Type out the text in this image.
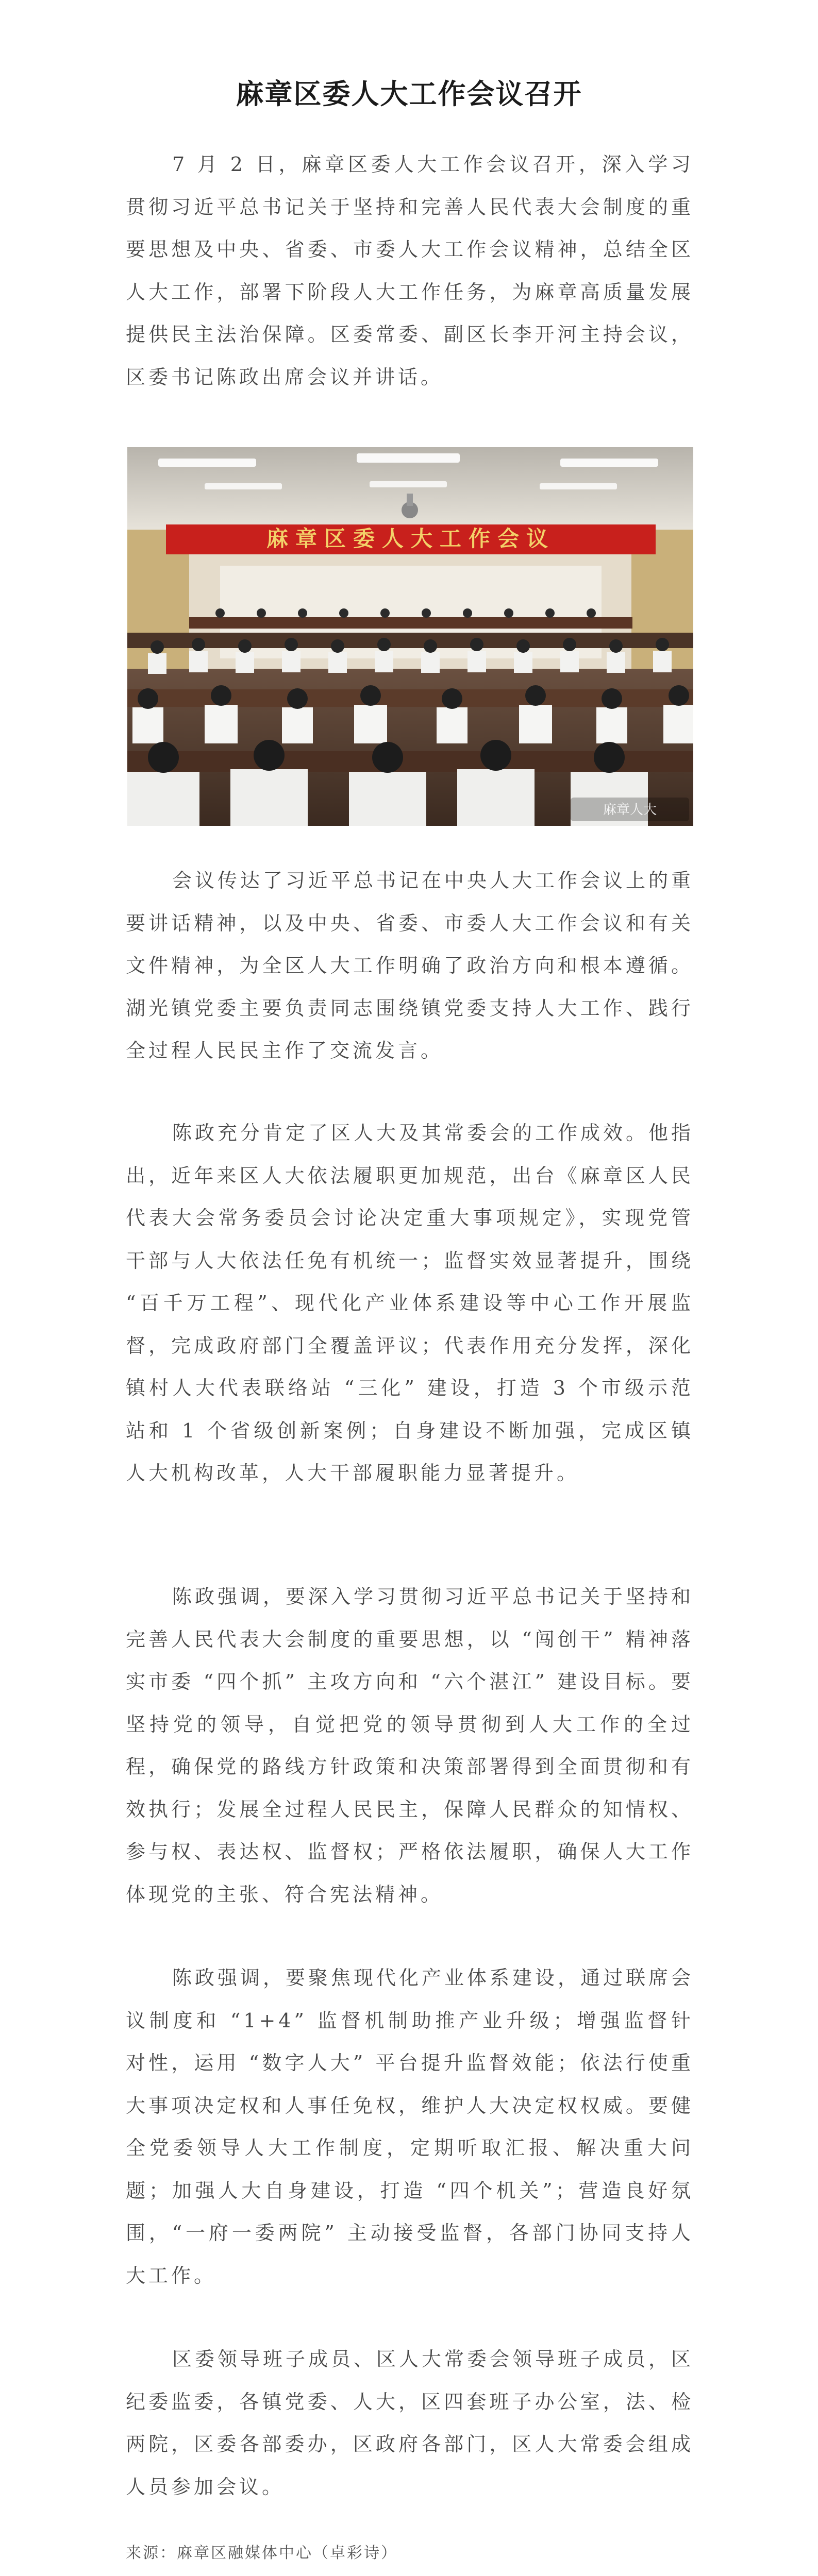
麻章区委人大工作会议召开

7 月 2 日，麻章区委人大工作会议召开，深入学习贯彻习近平总书记关于坚持和完善人民代表大会制度的重要思想及中央、省委、市委人大工作会议精神，总结全区人大工作，部署下阶段人大工作任务，为麻章高质量发展提供民主法治保障。区委常委、副区长李开河主持会议，区委书记陈政出席会议并讲话。

麻章区委人大工作会议
麻章人大

会议传达了习近平总书记在中央人大工作会议上的重要讲话精神，以及中央、省委、市委人大工作会议和有关文件精神，为全区人大工作明确了政治方向和根本遵循。湖光镇党委主要负责同志围绕镇党委支持人大工作、践行全过程人民民主作了交流发言。

陈政充分肯定了区人大及其常委会的工作成效。他指出，近年来区人大依法履职更加规范，出台《麻章区人民代表大会常务委员会讨论决定重大事项规定》，实现党管干部与人大依法任免有机统一；监督实效显著提升，围绕 “百千万工程”、现代化产业体系建设等中心工作开展监督，完成政府部门全覆盖评议；代表作用充分发挥，深化镇村人大代表联络站 “三化” 建设，打造 3 个市级示范站和 1 个省级创新案例；自身建设不断加强，完成区镇人大机构改革，人大干部履职能力显著提升。

陈政强调，要深入学习贯彻习近平总书记关于坚持和完善人民代表大会制度的重要思想，以 “闯创干” 精神落实市委 “四个抓” 主攻方向和 “六个湛江” 建设目标。要坚持党的领导，自觉把党的领导贯彻到人大工作的全过程，确保党的路线方针政策和决策部署得到全面贯彻和有效执行；发展全过程人民民主，保障人民群众的知情权、参与权、表达权、监督权；严格依法履职，确保人大工作体现党的主张、符合宪法精神。

陈政强调，要聚焦现代化产业体系建设，通过联席会议制度和 “1+4” 监督机制助推产业升级；增强监督针对性，运用 “数字人大” 平台提升监督效能；依法行使重大事项决定权和人事任免权，维护人大决定权权威。要健全党委领导人大工作制度，定期听取汇报、解决重大问题；加强人大自身建设，打造 “四个机关”；营造良好氛围，“一府一委两院” 主动接受监督，各部门协同支持人大工作。

区委领导班子成员、区人大常委会领导班子成员，区纪委监委，各镇党委、人大，区四套班子办公室，法、检两院，区委各部委办，区政府各部门，区人大常委会组成人员参加会议。

来源：麻章区融媒体中心（卓彩诗）
